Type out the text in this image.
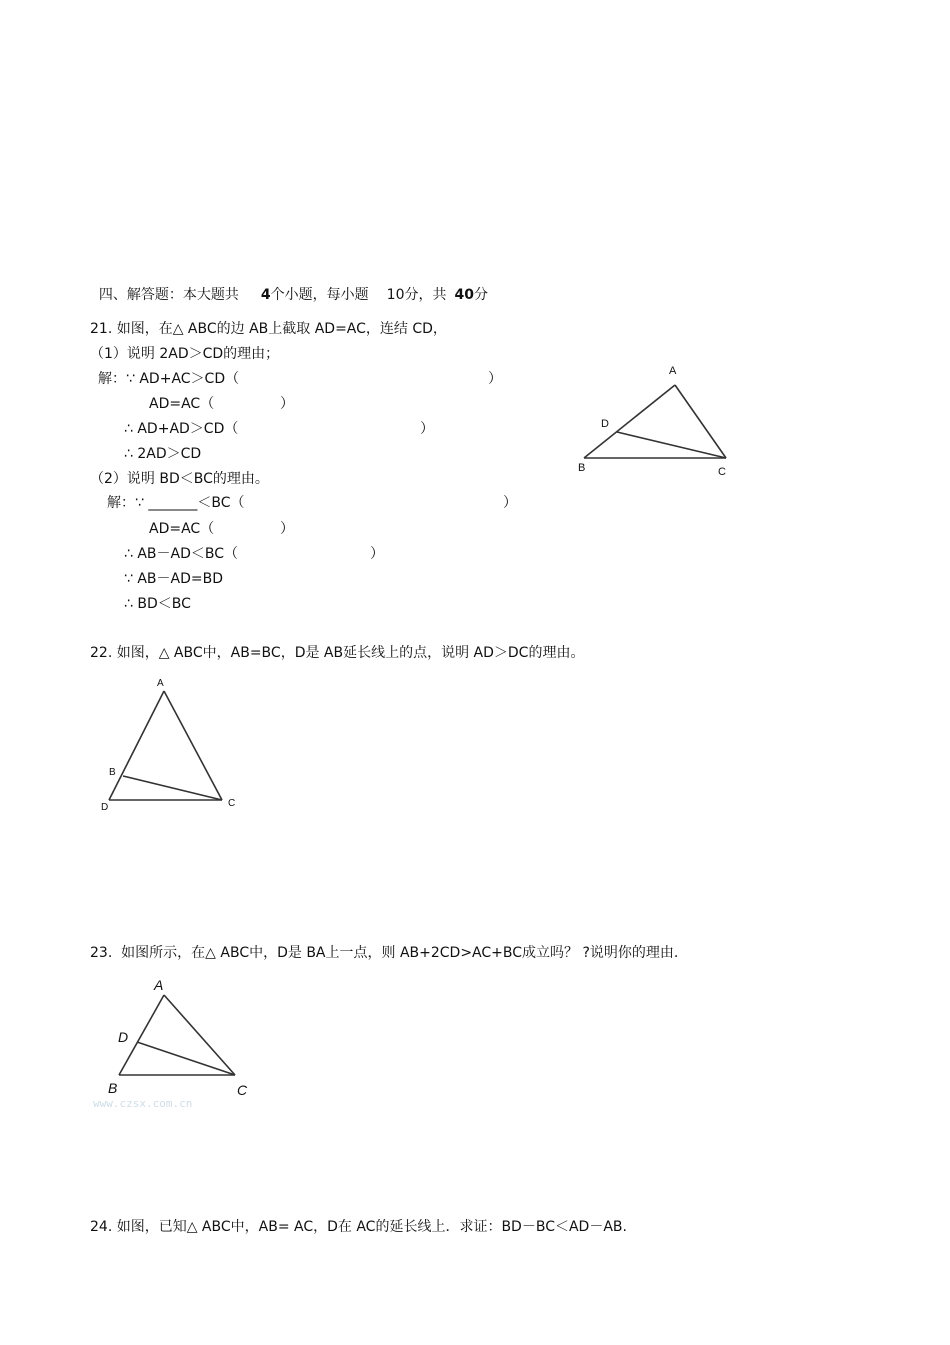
四、解答题：本大题共 4个小题，每小题 10分，共 40分

21. 如图，在△ ABC的边 AB上截取 AD=AC，连结 CD，
（1）说明 2AD＞CD的理由；
解：∵ AD+AC＞CD（	）
AD=AC（	）
∴ AD+AD＞CD（	）
∴ 2AD＞CD
（2）说明 BD＜BC的理由。
解：∵ _______＜BC（	）
AD=AC（	）
∴ AB－AD＜BC（	）
∵ AB－AD=BD
∴ BD＜BC
A
D
B	C
22. 如图，△ ABC中，AB=BC，D是 AB延长线上的点，说明 AD＞DC的理由。
A
B
D	C
23.  如图所示，在△ ABC中，D是 BA上一点，则 AB+2CD>AC+BC成立吗？ ?说明你的理由.
A
D
B	C
www.czsx.com.cn
24. 如图，已知△ ABC中，AB= AC，D在 AC的延长线上．求证：BD－BC＜AD－AB.
